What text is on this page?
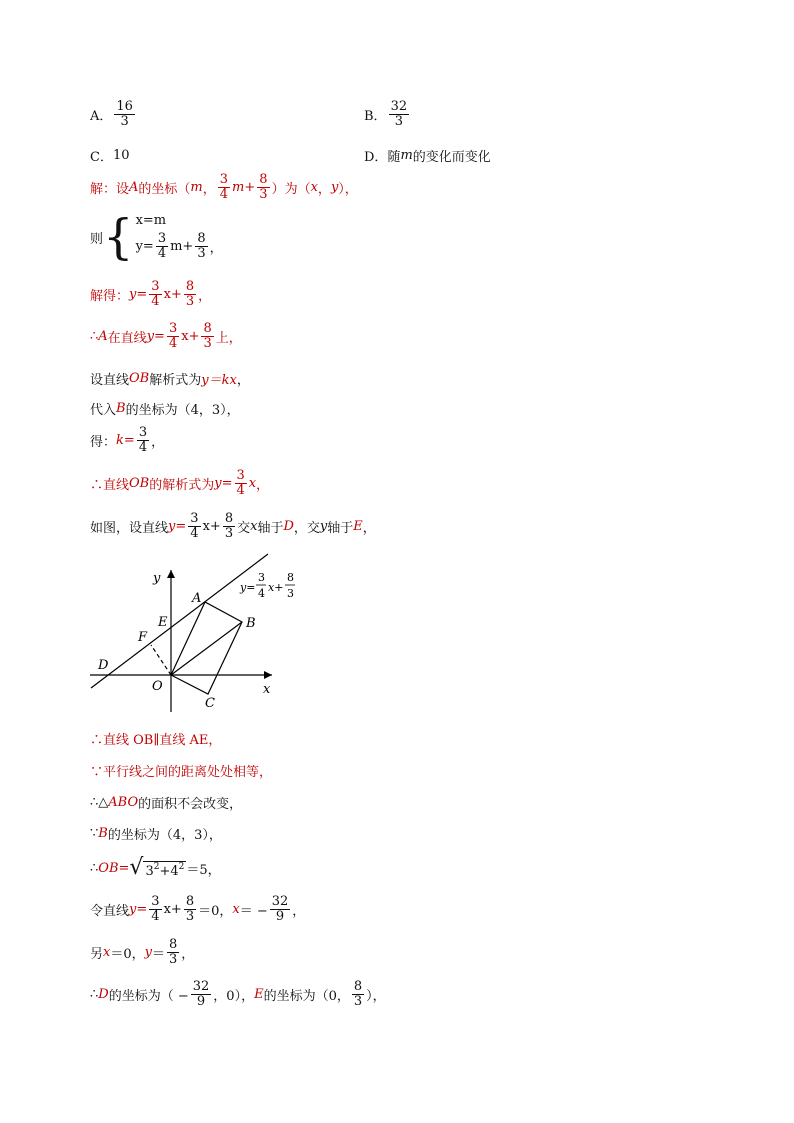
A． $\frac{16}{3}$	B． $\frac{32}{3}$
C． 10	D． 随 m 的变化而变化
解：设 A 的坐标（ m ， $\frac{3}{4}$ $m + \frac{8}{3}$ ）为（ x ， y ），
则 { x=m
$y= \frac{3}{4}$ $m + \frac{8}{3}$ ，
解得： $y = \frac{3}{4}$ $x + \frac{8}{3}$ ，
∴ A 在直线 $y = \frac{3}{4}$ $x + \frac{8}{3}$ 上，
设直线 OB 解析式为 y＝kx ，
代入 B 的坐标为（4，3），
得： $k = \frac{3}{4}$ ，
∴直线 OB 的解析式为 $y = \frac{3}{4}$ x ，
如图，设直线 $y = \frac{3}{4}$ $x + \frac{8}{3}$ 交 x 轴于 D ，交 y 轴于 E ，
y
x
O
A
B
C
D
E
F
y=
3
4 x+
8
3
∴直线 OB∥直线 AE，
∵平行线之间的距离处处相等，
∴△ ABO 的面积不会改变，
∵ B 的坐标为（4，3），
∴ OB = √ $3^2+4^2 =5$，
令直线 $y = \frac{3}{4}$ $x + \frac{8}{3} =0$， x ＝ − $\frac{32}{9}$ ，
另 x ＝0， $y = \frac{8}{3}$ ，
∴ D 的坐标为（ − $\frac{32}{9}$ ，0）， E 的坐标为（0， $\frac{8}{3}$ ），
